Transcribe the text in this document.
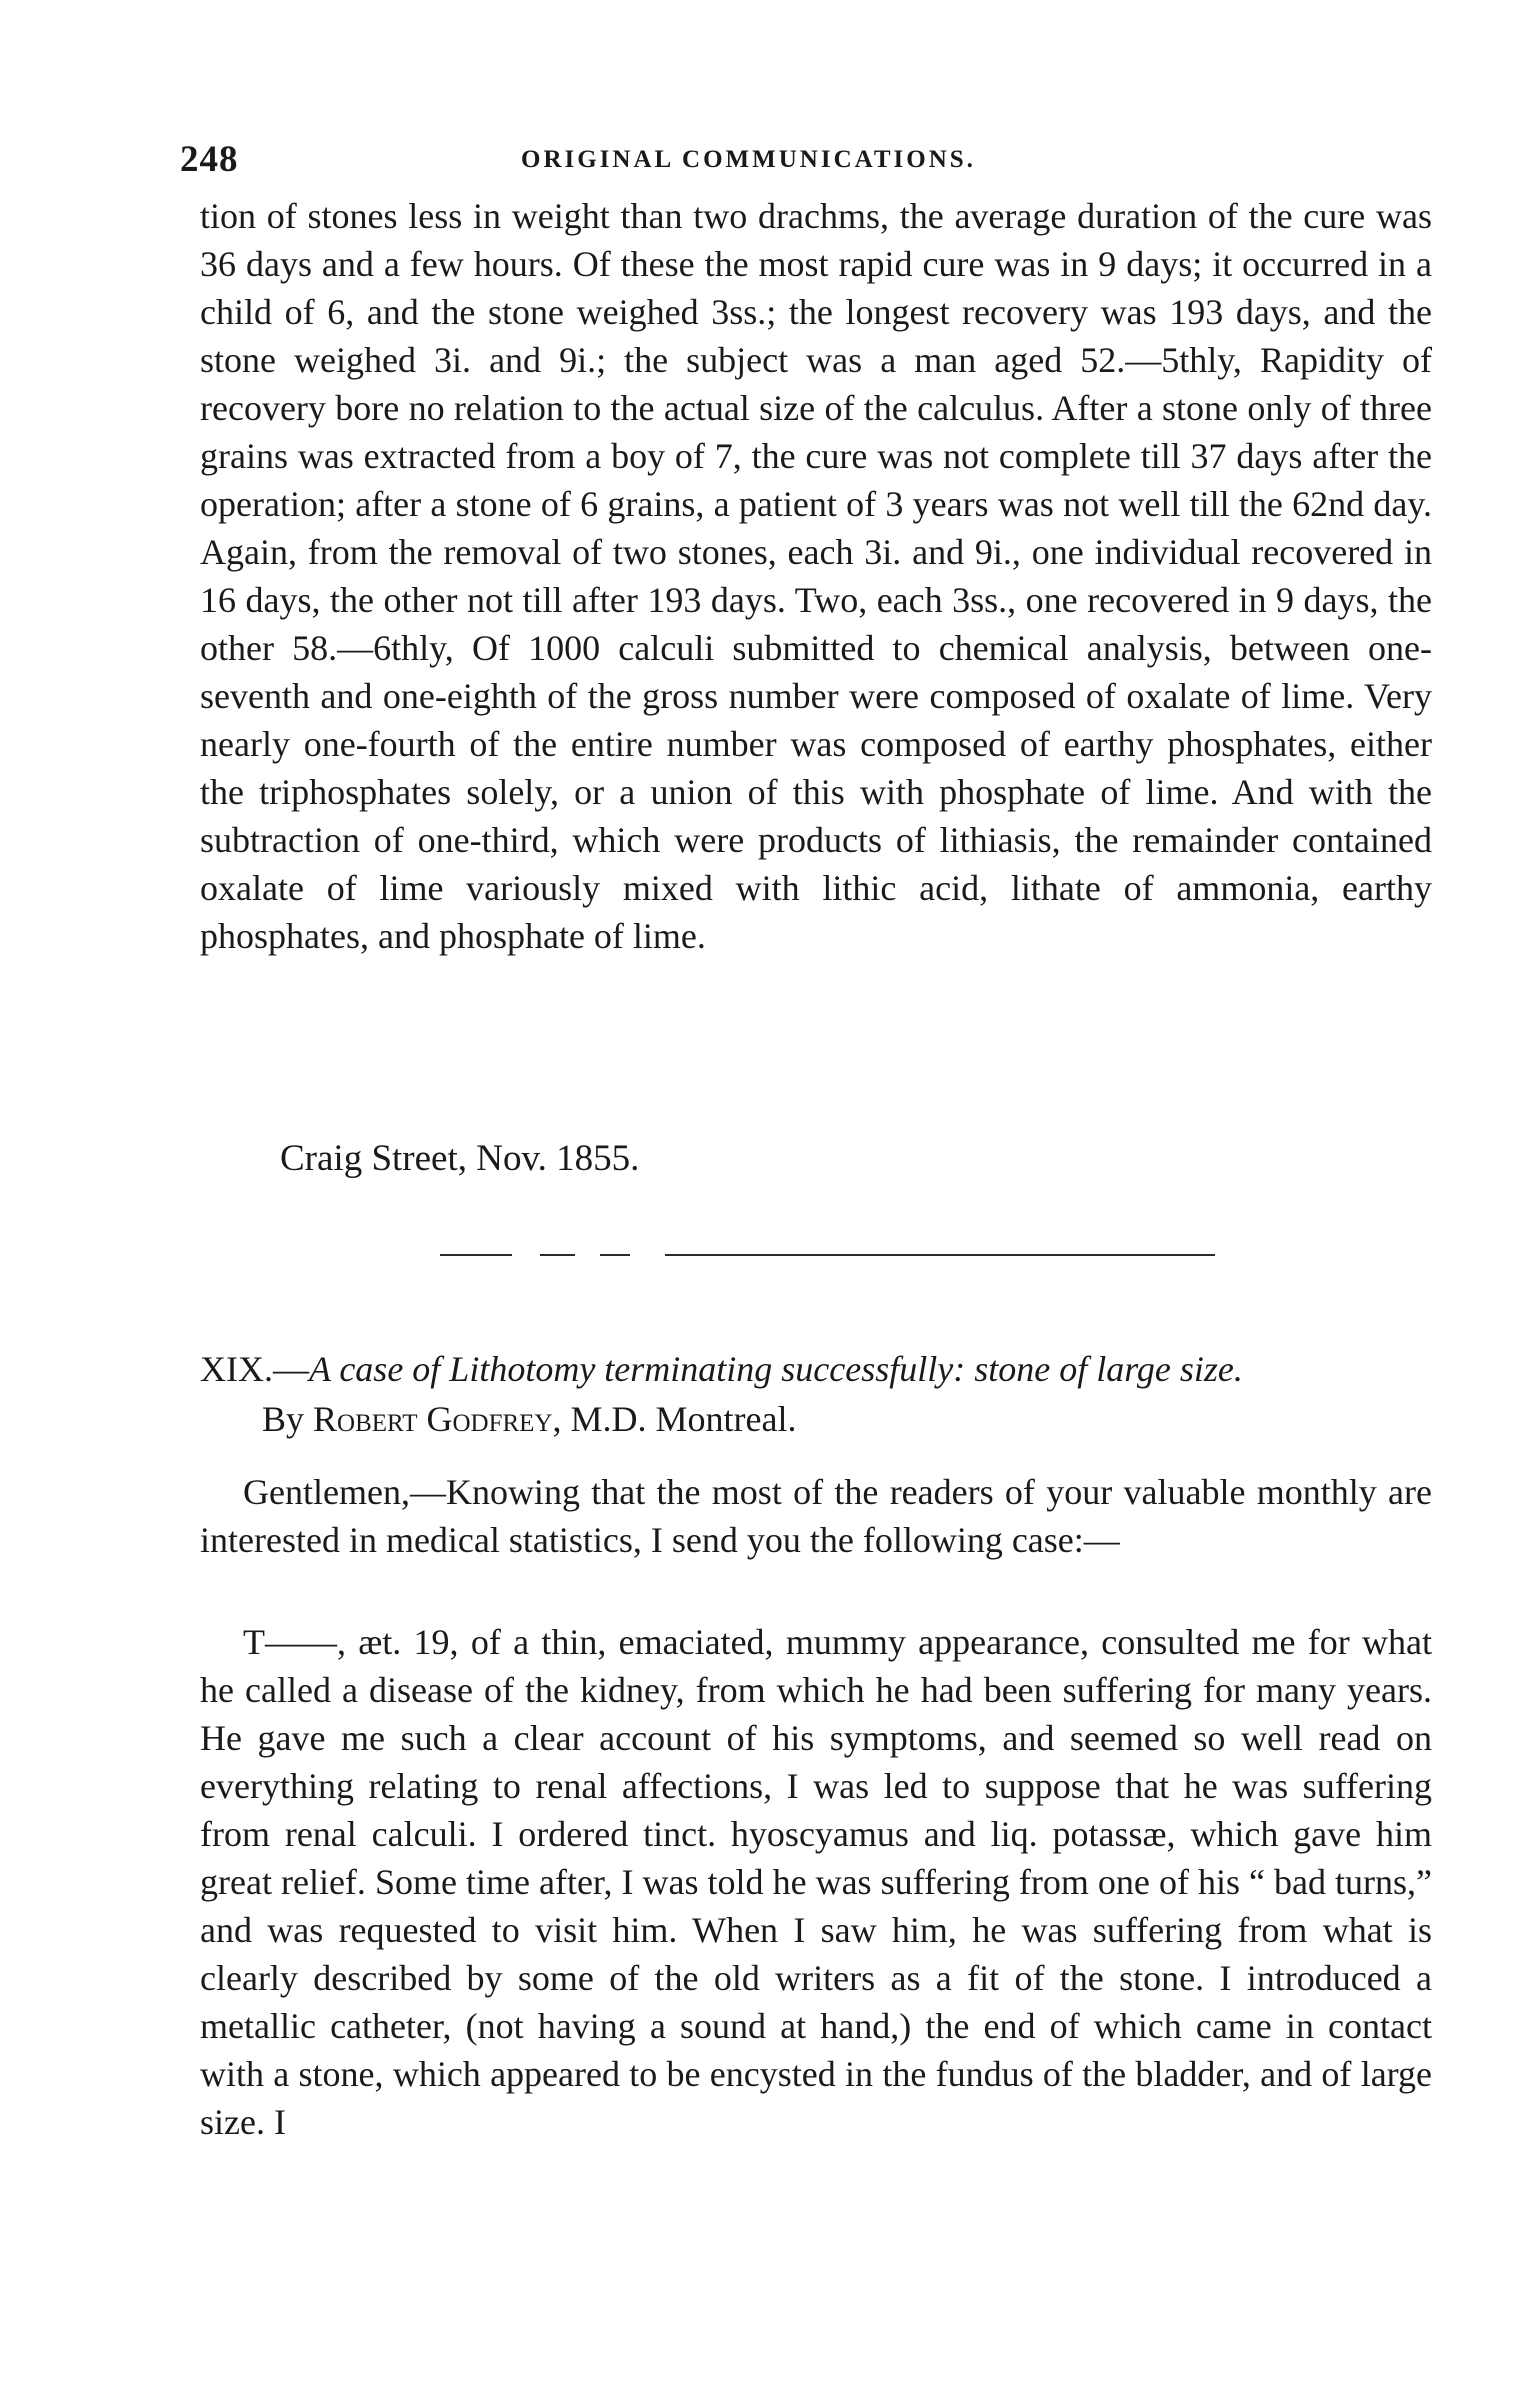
248	ORIGINAL COMMUNICATIONS.
tion of stones less in weight than two drachms, the average duration of the cure was 36 days and a few hours. Of these the most rapid cure was in 9 days; it occurred in a child of 6, and the stone weighed 3ss.; the longest recovery was 193 days, and the stone weighed 3i. and 9i.; the subject was a man aged 52.—5thly, Rapidity of recovery bore no relation to the actual size of the calculus. After a stone only of three grains was extracted from a boy of 7, the cure was not complete till 37 days after the operation; after a stone of 6 grains, a patient of 3 years was not well till the 62nd day. Again, from the removal of two stones, each 3i. and 9i., one individual recovered in 16 days, the other not till after 193 days. Two, each 3ss., one recovered in 9 days, the other 58.—6thly, Of 1000 calculi submitted to chemical analysis, between one-seventh and one-eighth of the gross number were composed of oxalate of lime. Very nearly one-fourth of the entire number was composed of earthy phosphates, either the triphosphates solely, or a union of this with phosphate of lime. And with the subtraction of one-third, which were products of lithiasis, the remainder contained oxalate of lime variously mixed with lithic acid, lithate of ammonia, earthy phosphates, and phosphate of lime.
Craig Street, Nov. 1855.
XIX.—A case of Lithotomy terminating successfully: stone of large size.
By Robert Godfrey, M.D. Montreal.
Gentlemen,—Knowing that the most of the readers of your valuable monthly are interested in medical statistics, I send you the following case:—
T——, æt. 19, of a thin, emaciated, mummy appearance, consulted me for what he called a disease of the kidney, from which he had been suffering for many years. He gave me such a clear account of his symptoms, and seemed so well read on everything relating to renal affections, I was led to suppose that he was suffering from renal calculi. I ordered tinct. hyoscyamus and liq. potassæ, which gave him great relief. Some time after, I was told he was suffering from one of his “ bad turns,” and was requested to visit him. When I saw him, he was suffering from what is clearly described by some of the old writers as a fit of the stone. I introduced a metallic catheter, (not having a sound at hand,) the end of which came in contact with a stone, which appeared to be encysted in the fundus of the bladder, and of large size. I
